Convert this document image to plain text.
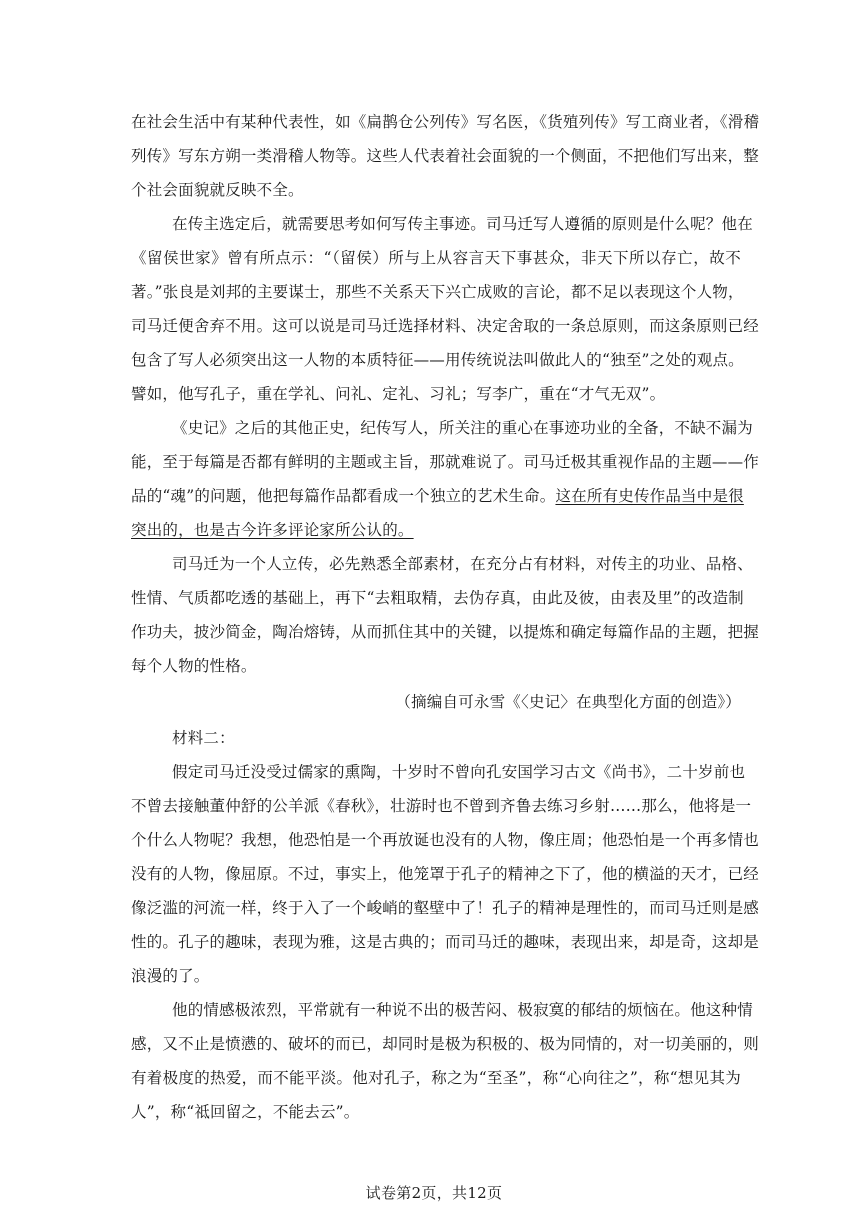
在社会生活中有某种代表性，如《扁鹊仓公列传》写名医，《货殖列传》写工商业者，《滑稽
列传》写东方朔一类滑稽人物等。这些人代表着社会面貌的一个侧面，不把他们写出来，整
个社会面貌就反映不全。
在传主选定后，就需要思考如何写传主事迹。司马迁写人遵循的原则是什么呢？他在
《留侯世家》曾有所点示：“（留侯）所与上从容言天下事甚众，非天下所以存亡，故不
著。”张良是刘邦的主要谋士，那些不关系天下兴亡成败的言论，都不足以表现这个人物，
司马迁便舍弃不用。这可以说是司马迁选择材料、决定舍取的一条总原则，而这条原则已经
包含了写人必须突出这一人物的本质特征——用传统说法叫做此人的“独至”之处的观点。
譬如，他写孔子，重在学礼、问礼、定礼、习礼；写李广，重在“才气无双”。
《史记》之后的其他正史，纪传写人，所关注的重心在事迹功业的全备，不缺不漏为
能，至于每篇是否都有鲜明的主题或主旨，那就难说了。司马迁极其重视作品的主题——作
品的“魂”的问题，他把每篇作品都看成一个独立的艺术生命。 这在所有史传作品当中是很
突出的，也是古今许多评论家所公认的。
司马迁为一个人立传，必先熟悉全部素材，在充分占有材料，对传主的功业、品格、
性情、气质都吃透的基础上，再下“去粗取精，去伪存真，由此及彼，由表及里”的改造制
作功夫，披沙简金，陶冶熔铸，从而抓住其中的关键，以提炼和确定每篇作品的主题，把握
每个人物的性格。
（摘编自可永雪《〈史记〉在典型化方面的创造》）
材料二：
假定司马迁没受过儒家的熏陶，十岁时不曾向孔安国学习古文《尚书》，二十岁前也
不曾去接触董仲舒的公羊派《春秋》，壮游时也不曾到齐鲁去练习乡射……那么，他将是一
个什么人物呢？我想，他恐怕是一个再放诞也没有的人物，像庄周；他恐怕是一个再多情也
没有的人物，像屈原。不过，事实上，他笼罩于孔子的精神之下了，他的横溢的天才，已经
像泛滥的河流一样，终于入了一个峻峭的壑壁中了！孔子的精神是理性的，而司马迁则是感
性的。孔子的趣味，表现为雅，这是古典的；而司马迁的趣味，表现出来，却是奇，这却是
浪漫的了。
他的情感极浓烈，平常就有一种说不出的极苦闷、极寂寞的郁结的烦恼在。他这种情
感，又不止是愤懑的、破坏的而已，却同时是极为积极的、极为同情的，对一切美丽的，则
有着极度的热爱，而不能平淡。他对孔子，称之为“至圣”，称“心向往之”，称“想见其为
人”，称“祗回留之，不能去云”。
试卷第2页，共12页
